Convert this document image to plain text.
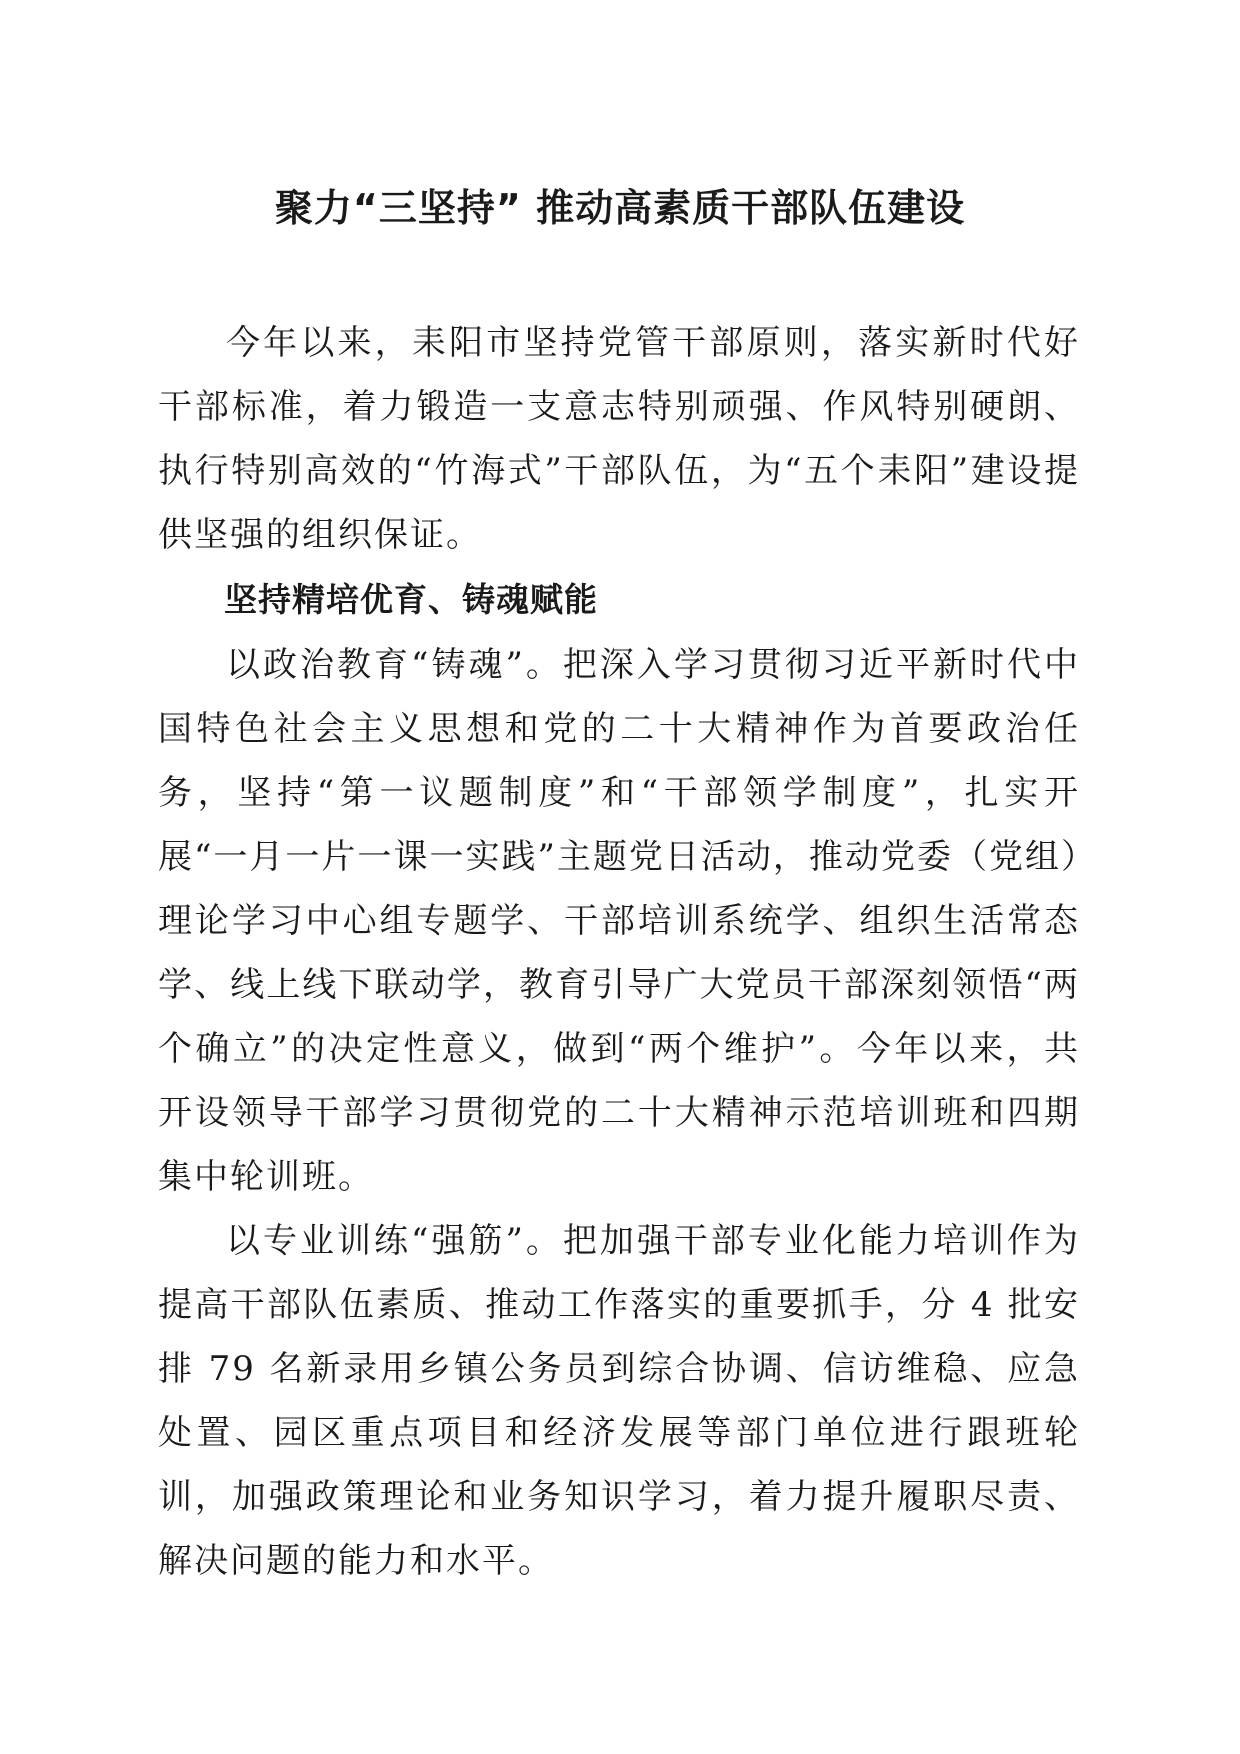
聚力“三坚持” 推动高素质干部队伍建设

今年以来，耒阳市坚持党管干部原则，落实新时代好干部标准，着力锻造一支意志特别顽强、作风特别硬朗、执行特别高效的“竹海式”干部队伍，为“五个耒阳”建设提供坚强的组织保证。

坚持精培优育、铸魂赋能

以政治教育“铸魂”。把深入学习贯彻习近平新时代中国特色社会主义思想和党的二十大精神作为首要政治任务，坚持“第一议题制度”和“干部领学制度”，扎实开展“一月一片一课一实践”主题党日活动，推动党委（党组）理论学习中心组专题学、干部培训系统学、组织生活常态学、线上线下联动学，教育引导广大党员干部深刻领悟“两个确立”的决定性意义，做到“两个维护”。今年以来，共开设领导干部学习贯彻党的二十大精神示范培训班和四期集中轮训班。

以专业训练“强筋”。把加强干部专业化能力培训作为提高干部队伍素质、推动工作落实的重要抓手，分 4 批安排 79 名新录用乡镇公务员到综合协调、信访维稳、应急处置、园区重点项目和经济发展等部门单位进行跟班轮训，加强政策理论和业务知识学习，着力提升履职尽责、解决问题的能力和水平。
